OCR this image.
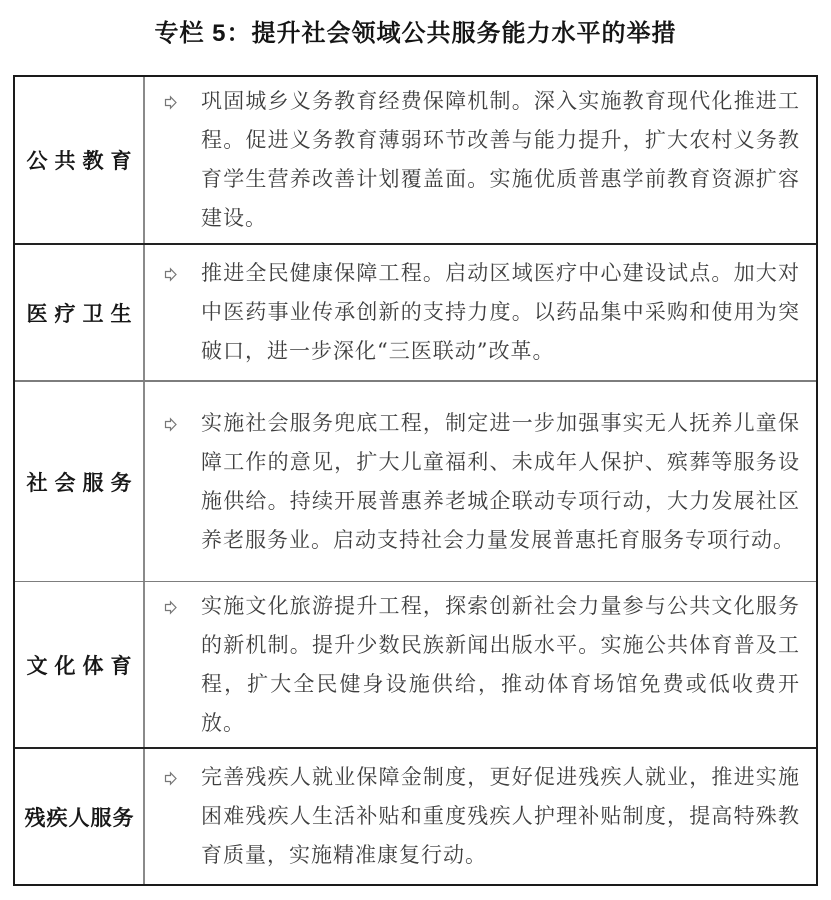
专栏 5：提升社会领域公共服务能力水平的举措
公共教育
巩固城乡义务教育经费保障机制。深入实施教育现代化推进工程。促进义务教育薄弱环节改善与能力提升，扩大农村义务教育学生营养改善计划覆盖面。实施优质普惠学前教育资源扩容建设。
医疗卫生
推进全民健康保障工程。启动区域医疗中心建设试点。加大对中医药事业传承创新的支持力度。以药品集中采购和使用为突破口，进一步深化“三医联动”改革。
社会服务
实施社会服务兜底工程，制定进一步加强事实无人抚养儿童保障工作的意见，扩大儿童福利、未成年人保护、殡葬等服务设施供给。持续开展普惠养老城企联动专项行动，大力发展社区养老服务业。启动支持社会力量发展普惠托育服务专项行动。
文化体育
实施文化旅游提升工程，探索创新社会力量参与公共文化服务的新机制。提升少数民族新闻出版水平。实施公共体育普及工程，扩大全民健身设施供给，推动体育场馆免费或低收费开放。
残疾人服务
完善残疾人就业保障金制度，更好促进残疾人就业，推进实施困难残疾人生活补贴和重度残疾人护理补贴制度，提高特殊教育质量，实施精准康复行动。
